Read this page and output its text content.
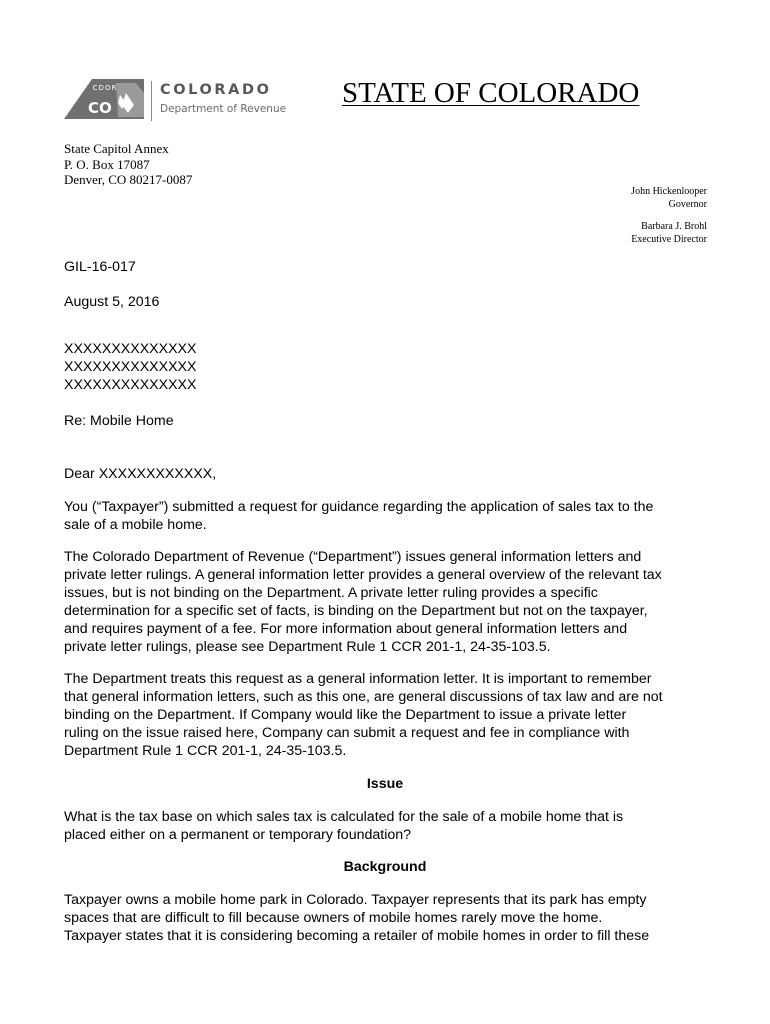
CDOR
CO
COLORADO
Department of Revenue STATE OF COLORADO
State Capitol Annex
P. O. Box 17087
Denver, CO 80217-0087
John Hickenlooper
Governor
Barbara J. Brohl
Executive Director
GIL-16-017
August 5, 2016
XXXXXXXXXXXXXX
XXXXXXXXXXXXXX
XXXXXXXXXXXXXX
Re: Mobile Home
Dear XXXXXXXXXXXX,
You (“Taxpayer”) submitted a request for guidance regarding the application of sales tax to the
sale of a mobile home.
The Colorado Department of Revenue (“Department”) issues general information letters and
private letter rulings. A general information letter provides a general overview of the relevant tax
issues, but is not binding on the Department. A private letter ruling provides a specific
determination for a specific set of facts, is binding on the Department but not on the taxpayer,
and requires payment of a fee. For more information about general information letters and
private letter rulings, please see Department Rule 1 CCR 201-1, 24-35-103.5.
The Department treats this request as a general information letter. It is important to remember
that general information letters, such as this one, are general discussions of tax law and are not
binding on the Department. If Company would like the Department to issue a private letter
ruling on the issue raised here, Company can submit a request and fee in compliance with
Department Rule 1 CCR 201-1, 24-35-103.5.
Issue
What is the tax base on which sales tax is calculated for the sale of a mobile home that is
placed either on a permanent or temporary foundation?
Background
Taxpayer owns a mobile home park in Colorado. Taxpayer represents that its park has empty
spaces that are difficult to fill because owners of mobile homes rarely move the home.
Taxpayer states that it is considering becoming a retailer of mobile homes in order to fill these
